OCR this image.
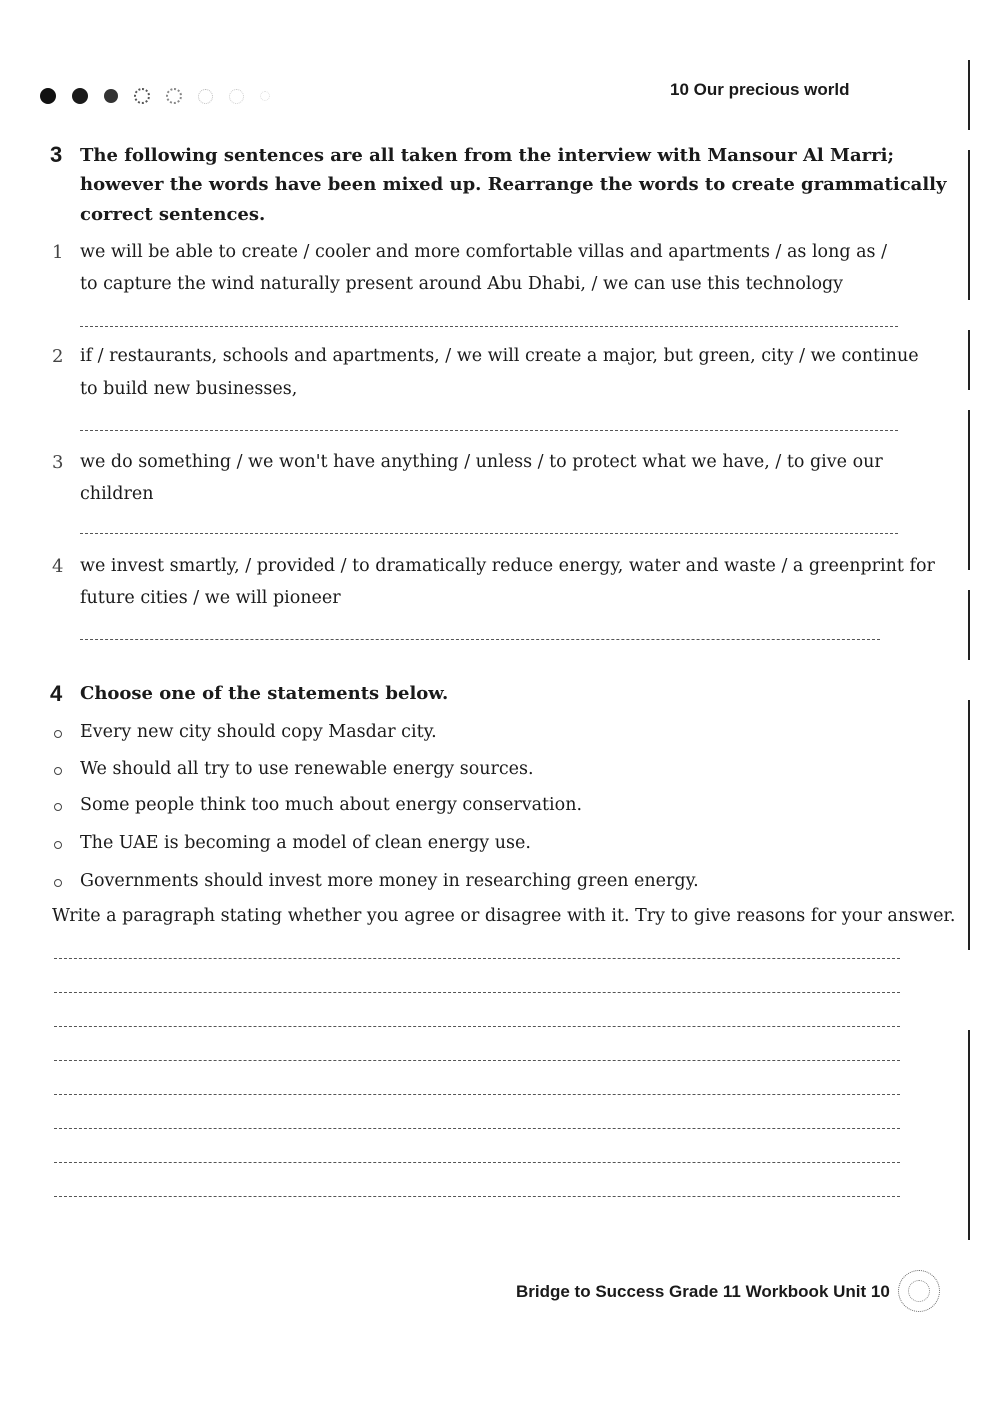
10 Our precious world
3 The following sentences are all taken from the interview with Mansour Al Marri;
however the words have been mixed up. Rearrange the words to create grammatically
correct sentences.
1 we will be able to create / cooler and more comfortable villas and apartments / as long as /
to capture the wind naturally present around Abu Dhabi, / we can use this technology
2 if / restaurants, schools and apartments, / we will create a major, but green, city / we continue
to build new businesses,
3 we do something / we won't have anything / unless / to protect what we have, / to give our
children
4 we invest smartly, / provided / to dramatically reduce energy, water and waste / a greenprint for
future cities / we will pioneer
4 Choose one of the statements below.
Every new city should copy Masdar city.
We should all try to use renewable energy sources.
Some people think too much about energy conservation.
The UAE is becoming a model of clean energy use.
Governments should invest more money in researching green energy.
Write a paragraph stating whether you agree or disagree with it. Try to give reasons for your answer.
Bridge to Success Grade 11 Workbook Unit 10
